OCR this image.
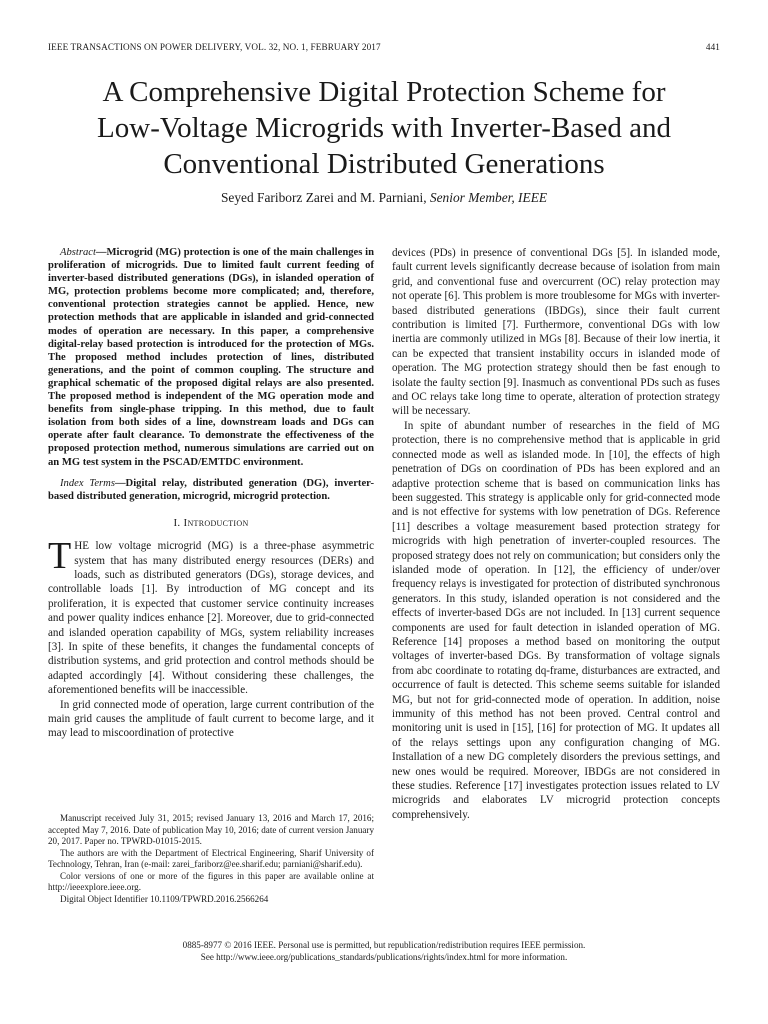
IEEE TRANSACTIONS ON POWER DELIVERY, VOL. 32, NO. 1, FEBRUARY 2017	441
A Comprehensive Digital Protection Scheme for
Low-Voltage Microgrids with Inverter-Based and
Conventional Distributed Generations
Seyed Fariborz Zarei and M. Parniani, Senior Member, IEEE

Abstract—Microgrid (MG) protection is one of the main challenges in proliferation of microgrids. Due to limited fault current feeding of inverter-based distributed generations (DGs), in islanded operation of MG, protection problems become more complicated; and, therefore, conventional protection strategies cannot be applied. Hence, new protection methods that are applicable in islanded and grid-connected modes of operation are necessary. In this paper, a comprehensive digital-relay based protection is introduced for the protection of MGs. The proposed method includes protection of lines, distributed generations, and the point of common coupling. The structure and graphical schematic of the proposed digital relays are also presented. The proposed method is independent of the MG operation mode and benefits from single-phase tripping. In this method, due to fault isolation from both sides of a line, downstream loads and DGs can operate after fault clearance. To demonstrate the effectiveness of the proposed protection method, numerous simulations are carried out on an MG test system in the PSCAD/EMTDC environment.

Index Terms—Digital relay, distributed generation (DG), inverter-based distributed generation, microgrid, microgrid protection.

I. Introduction

THE low voltage microgrid (MG) is a three-phase asymmetric system that has many distributed energy resources (DERs) and loads, such as distributed generators (DGs), storage devices, and controllable loads [1]. By introduction of MG concept and its proliferation, it is expected that customer service continuity increases and power quality indices enhance [2]. Moreover, due to grid-connected and islanded operation capability of MGs, system reliability increases [3]. In spite of these benefits, it changes the fundamental concepts of distribution systems, and grid protection and control methods should be adapted accordingly [4]. Without considering these challenges, the aforementioned benefits will be inaccessible.

In grid connected mode of operation, large current contribution of the main grid causes the amplitude of fault current to become large, and it may lead to miscoordination of protective

devices (PDs) in presence of conventional DGs [5]. In islanded mode, fault current levels significantly decrease because of isolation from main grid, and conventional fuse and overcurrent (OC) relay protection may not operate [6]. This problem is more troublesome for MGs with inverter-based distributed generations (IBDGs), since their fault current contribution is limited [7]. Furthermore, conventional DGs with low inertia are commonly utilized in MGs [8]. Because of their low inertia, it can be expected that transient instability occurs in islanded mode of operation. The MG protection strategy should then be fast enough to isolate the faulty section [9]. Inasmuch as conventional PDs such as fuses and OC relays take long time to operate, alteration of protection strategy will be necessary.

In spite of abundant number of researches in the field of MG protection, there is no comprehensive method that is applicable in grid connected mode as well as islanded mode. In [10], the effects of high penetration of DGs on coordination of PDs has been explored and an adaptive protection scheme that is based on communication links has been suggested. This strategy is applicable only for grid-connected mode and is not effective for systems with low penetration of DGs. Reference [11] describes a voltage measurement based protection strategy for microgrids with high penetration of inverter-coupled resources. The proposed strategy does not rely on communication; but considers only the islanded mode of operation. In [12], the efficiency of under/over frequency relays is investigated for protection of distributed synchronous generators. In this study, islanded operation is not considered and the effects of inverter-based DGs are not included. In [13] current sequence components are used for fault detection in islanded operation of MG. Reference [14] proposes a method based on monitoring the output voltages of inverter-based DGs. By transformation of voltage signals from abc coordinate to rotating dq-frame, disturbances are extracted, and occurrence of fault is detected. This scheme seems suitable for islanded MG, but not for grid-connected mode of operation. In addition, noise immunity of this method has not been proved. Central control and monitoring unit is used in [15], [16] for protection of MG. It updates all of the relays settings upon any configuration changing of MG. Installation of a new DG completely disorders the previous settings, and new ones would be required. Moreover, IBDGs are not considered in these studies. Reference [17] investigates protection issues related to LV microgrids and elaborates LV microgrid protection concepts comprehensively.

Manuscript received July 31, 2015; revised January 13, 2016 and March 17, 2016; accepted May 7, 2016. Date of publication May 10, 2016; date of current version January 20, 2017. Paper no. TPWRD-01015-2015.

The authors are with the Department of Electrical Engineering, Sharif University of Technology, Tehran, Iran (e-mail: zarei_fariborz@ee.sharif.edu; parniani@sharif.edu).

Color versions of one or more of the figures in this paper are available online at http://ieeexplore.ieee.org.

Digital Object Identifier 10.1109/TPWRD.2016.2566264

0885-8977 © 2016 IEEE. Personal use is permitted, but republication/redistribution requires IEEE permission.

See http://www.ieee.org/publications_standards/publications/rights/index.html for more information.
